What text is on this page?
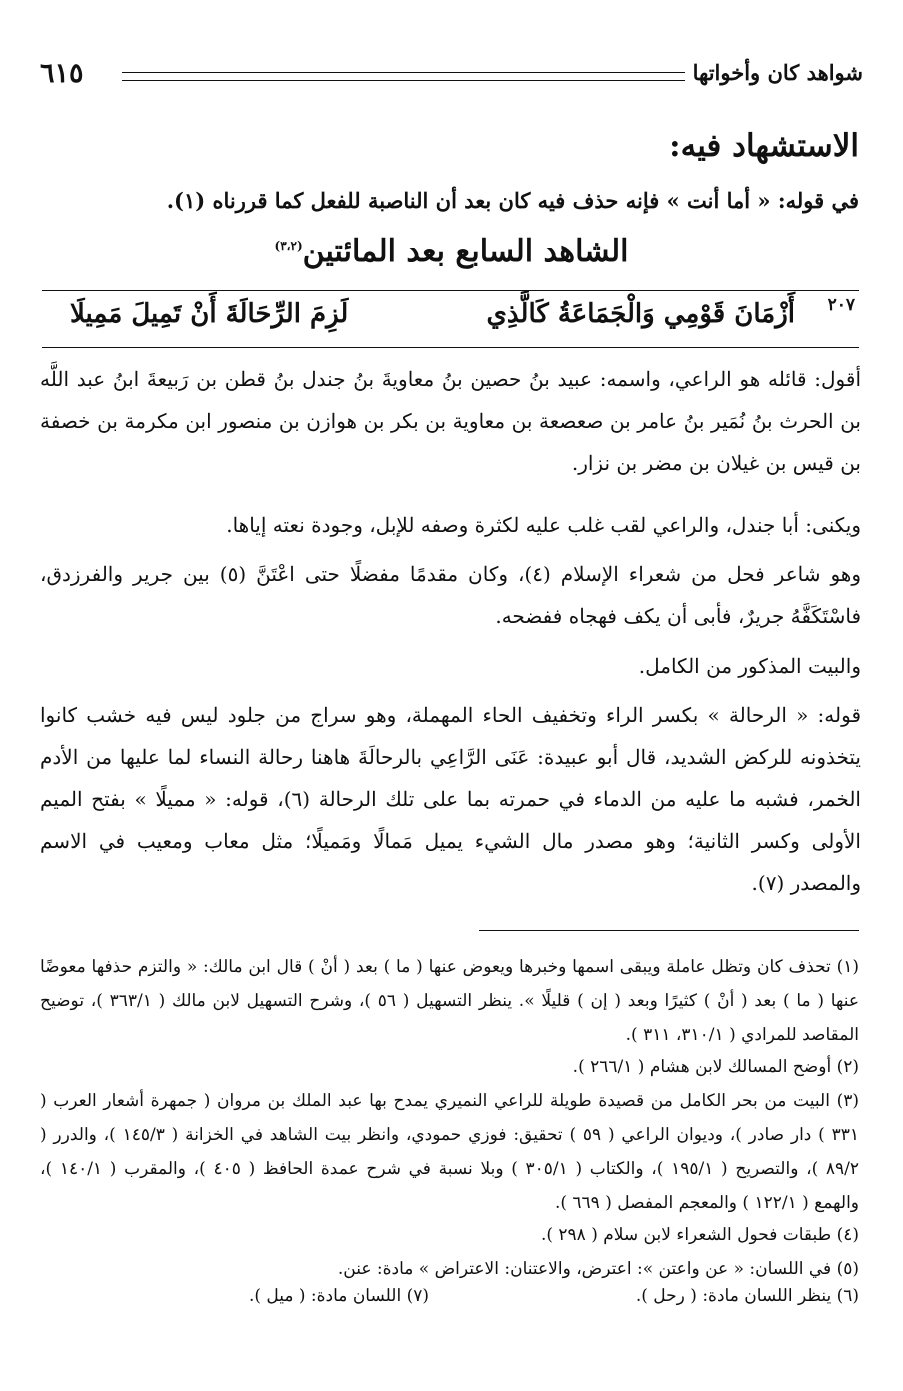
شواهد كان وأخواتها
٦١٥
الاستشهاد فيه:
في قوله: « أما أنت » فإنه حذف فيه كان بعد أن الناصبة للفعل كما قررناه (١).
الشاهد السابع بعد المائتين$^{(٣،٢)}$
٢٠٧
أَزْمَانَ قَوْمِي وَالْجَمَاعَةُ كَالَّذِي
لَزِمَ الرِّحَالَةَ أَنْ تَمِيلَ مَمِيلَا

أقول: قائله هو الراعي، واسمه: عبيد بنُ حصين بنُ معاويةَ بنُ جندل بنُ قطن بن رَبيعةَ ابنُ عبد اللَّه بن الحرث بنُ نُمَير بنُ عامر بن صعصعة بن معاوية بن بكر بن هوازن بن منصور ابن مكرمة بن خصفة بن قيس بن غيلان بن مضر بن نزار.

ويكنى: أبا جندل، والراعي لقب غلب عليه لكثرة وصفه للإبل، وجودة نعته إياها.

وهو شاعر فحل من شعراء الإسلام (٤)، وكان مقدمًا مفضلًا حتى اعْتَنَّ (٥) بين جرير والفرزدق، فاسْتَكَفَّهُ جريرٌ، فأبى أن يكف فهجاه ففضحه.

والبيت المذكور من الكامل.

قوله: « الرحالة » بكسر الراء وتخفيف الحاء المهملة، وهو سراج من جلود ليس فيه خشب كانوا يتخذونه للركض الشديد، قال أبو عبيدة: عَنَى الرَّاعِي بالرحالَةَ هاهنا رحالة النساء لما عليها من الأدم الخمر، فشبه ما عليه من الدماء في حمرته بما على تلك الرحالة (٦)، قوله: « مميلًا » بفتح الميم الأولى وكسر الثانية؛ وهو مصدر مال الشيء يميل مَمالًا ومَميلًا؛ مثل معاب ومعيب في الاسم والمصدر (٧).

(١) تحذف كان وتظل عاملة ويبقى اسمها وخبرها ويعوض عنها ( ما ) بعد ( أنْ ) قال ابن مالك: « والتزم حذفها معوضًا عنها ( ما ) بعد ( أنْ ) كثيرًا وبعد ( إن ) قليلًا ». ينظر التسهيل ( ٥٦ )، وشرح التسهيل لابن مالك ( ٣٦٣/١ )، توضيح المقاصد للمرادي ( ٣١٠/١، ٣١١ ).

(٢) أوضح المسالك لابن هشام ( ٢٦٦/١ ).

(٣) البيت من بحر الكامل من قصيدة طويلة للراعي النميري يمدح بها عبد الملك بن مروان ( جمهرة أشعار العرب ( ٣٣١ ) دار صادر )، وديوان الراعي ( ٥٩ ) تحقيق: فوزي حمودي، وانظر بيت الشاهد في الخزانة ( ١٤٥/٣ )، والدرر ( ٨٩/٢ )، والتصريح ( ١٩٥/١ )، والكتاب ( ٣٠٥/١ ) وبلا نسبة في شرح عمدة الحافظ ( ٤٠٥ )، والمقرب ( ١٤٠/١ )، والهمع ( ١٢٢/١ ) والمعجم المفصل ( ٦٦٩ ).

(٤) طبقات فحول الشعراء لابن سلام ( ٢٩٨ ).

(٥) في اللسان: « عن واعتن »: اعترض، والاعتنان: الاعتراض » مادة: عنن.

(٦) ينظر اللسان مادة: ( رحل ).
(٧) اللسان مادة: ( ميل ).
